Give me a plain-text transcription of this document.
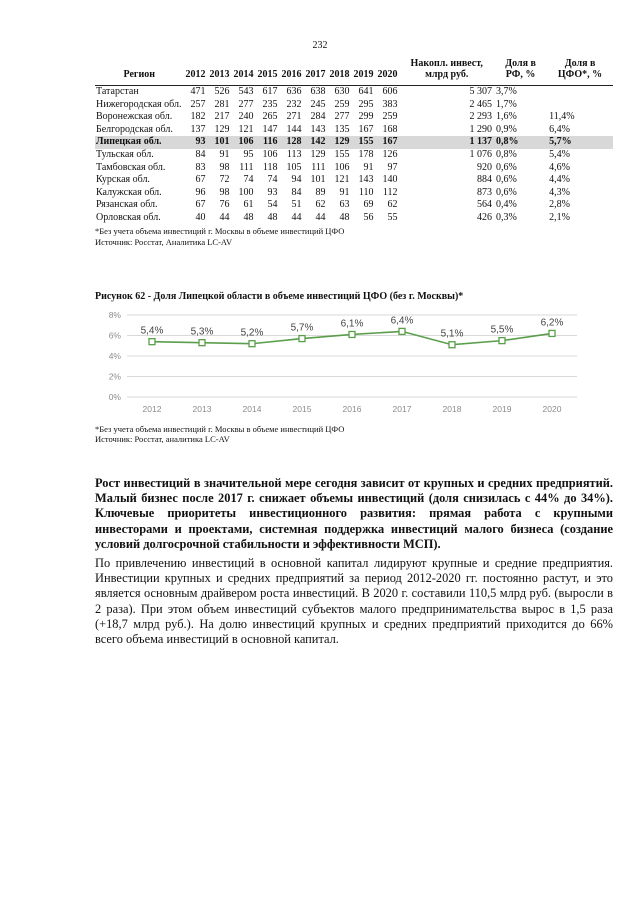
232
Регион	2012	2013	2014	2015	2016	2017	2018	2019	2020	Накопл. инвест, млрд руб.	Доля в РФ, %	Доля в ЦФО*, %
Татарстан	471	526	543	617	636	638	630	641	606	5 307	3,7%	
Нижегородская обл.	257	281	277	235	232	245	259	295	383	2 465	1,7%	
Воронежская обл.	182	217	240	265	271	284	277	299	259	2 293	1,6%	11,4%
Белгородская обл.	137	129	121	147	144	143	135	167	168	1 290	0,9%	6,4%
Липецкая обл.	93	101	106	116	128	142	129	155	167	1 137	0,8%	5,7%
Тульская обл.	84	91	95	106	113	129	155	178	126	1 076	0,8%	5,4%
Тамбовская обл.	83	98	111	118	105	111	106	91	97	920	0,6%	4,6%
Курская обл.	67	72	74	74	94	101	121	143	140	884	0,6%	4,4%
Калужская обл.	96	98	100	93	84	89	91	110	112	873	0,6%	4,3%
Рязанская обл.	67	76	61	54	51	62	63	69	62	564	0,4%	2,8%
Орловская обл.	40	44	48	48	44	44	48	56	55	426	0,3%	2,1%
*Без учета объема инвестиций г. Москвы в объеме инвестиций ЦФО
Источник: Росстат, Аналитика LC-AV
Рисунок 62 - Доля Липецкой области в объеме инвестиций ЦФО (без г. Москвы)*
0%
2%
4%
6%
8%
2012	2013	2014	2015	2016	2017	2018	2019	2020
5,4%	5,3%	5,2%	5,7%	6,1%	6,4%
5,1%	5,5%
6,2%
*Без учета объема инвестиций г. Москвы в объеме инвестиций ЦФО
Источник: Росстат, аналитика LC-AV

Рост инвестиций в значительной мере сегодня зависит от крупных и средних предприятий. Малый бизнес после 2017 г. снижает объемы инвестиций (доля снизилась с 44% до 34%). Ключевые приоритеты инвестиционного развития: прямая работа с крупными инвесторами и проектами, системная поддержка инвестиций малого бизнеса (создание условий долгосрочной стабильности и эффективности МСП).

По привлечению инвестиций в основной капитал лидируют крупные и средние предприятия. Инвестиции крупных и средних предприятий за период 2012-2020 гг. постоянно растут, и это является основным драйвером роста инвестиций. В 2020 г. составили 110,5 млрд руб. (выросли в 2 раза). При этом объем инвестиций субъектов малого предпринимательства вырос в 1,5 раза (+18,7 млрд руб.). На долю инвестиций крупных и средних предприятий приходится до 66% всего объема инвестиций в основной капитал.
